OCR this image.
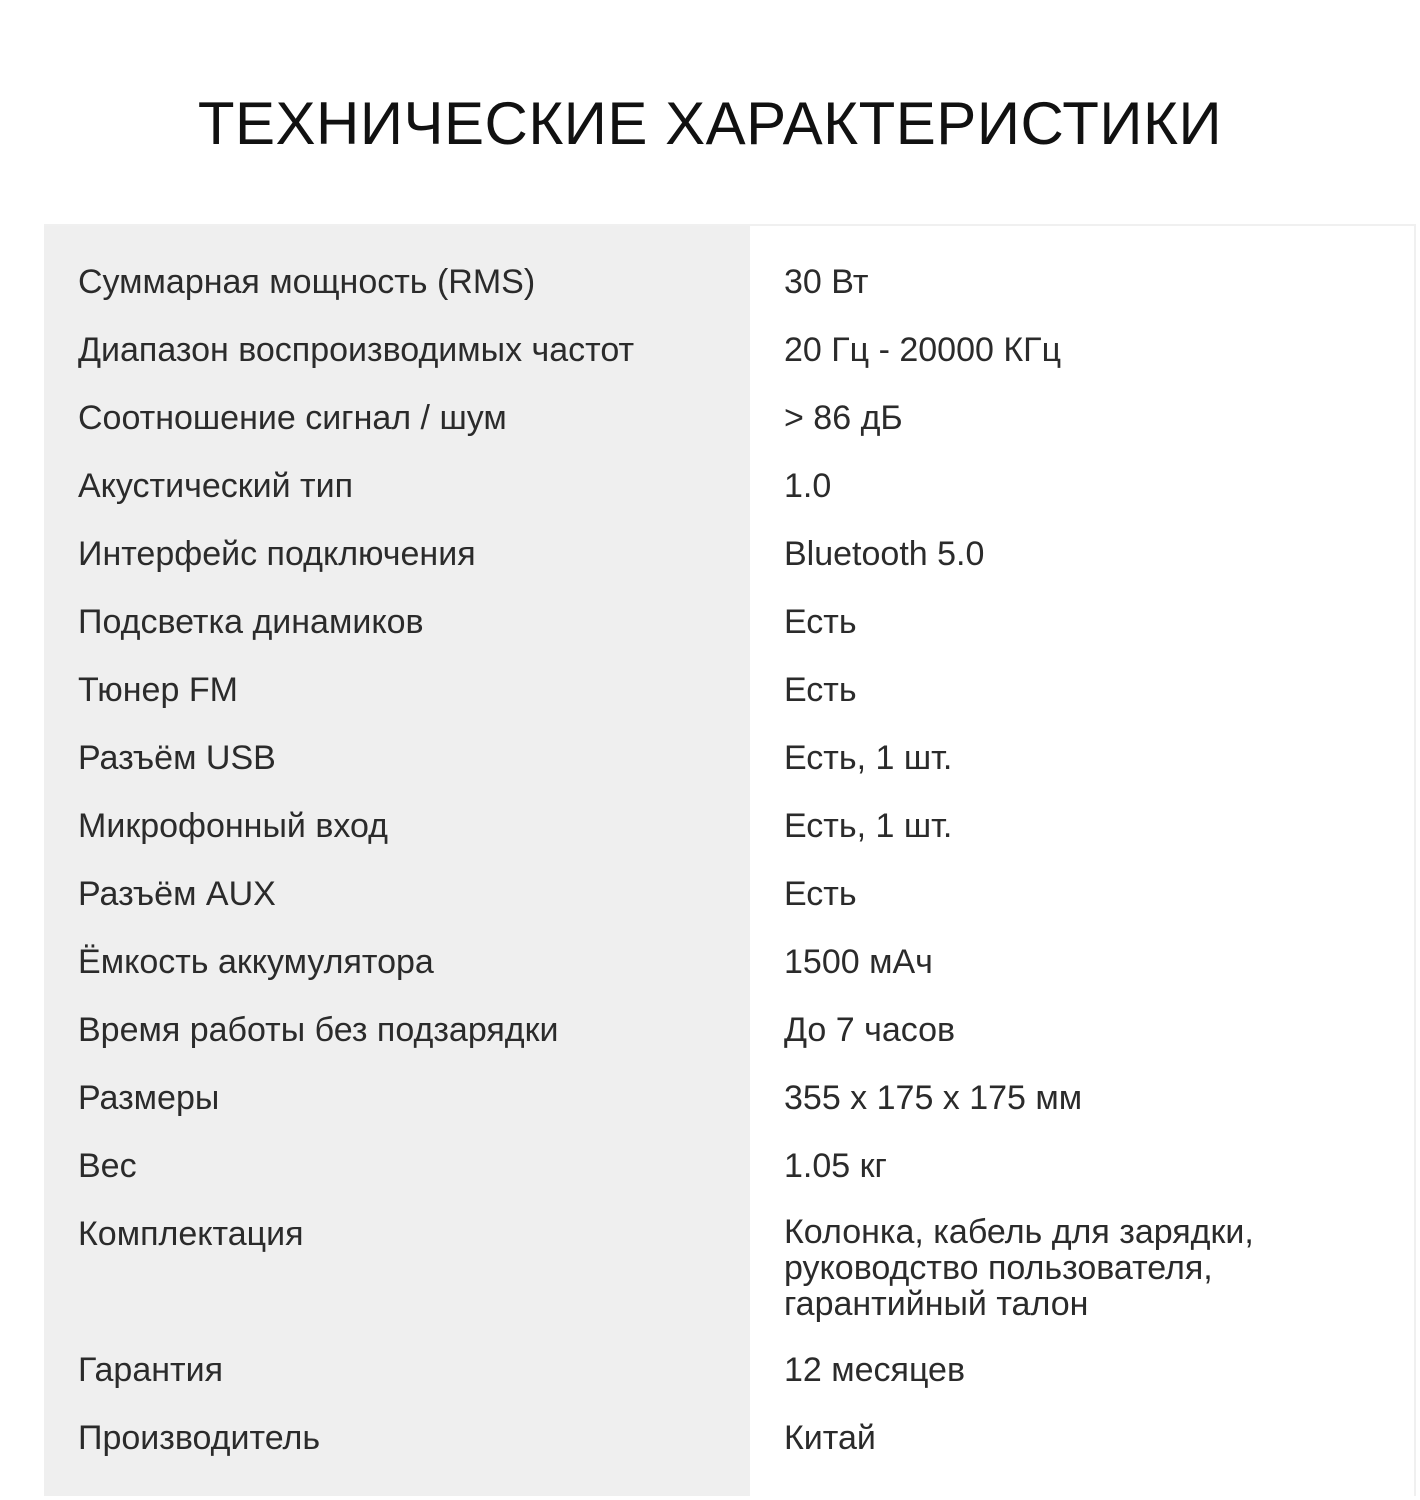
ТЕХНИЧЕСКИЕ ХАРАКТЕРИСТИКИ
Суммарная мощность (RMS)
Диапазон воспроизводимых частот
Соотношение сигнал / шум
Акустический тип
Интерфейс подключения
Подсветка динамиков
Тюнер FM
Разъём USB
Микрофонный вход
Разъём AUX
Ёмкость аккумулятора
Время работы без подзарядки
Размеры
Вес
Комплектация
Гарантия
Производитель
30 Вт
20 Гц - 20000 КГц
> 86 дБ
1.0
Bluetooth 5.0
Есть
Есть
Есть, 1 шт.
Есть, 1 шт.
Есть
1500 мАч
До 7 часов
355 x 175 x 175 мм
1.05 кг
Колонка, кабель для зарядки, руководство пользователя, гарантийный талон
12 месяцев
Китай
